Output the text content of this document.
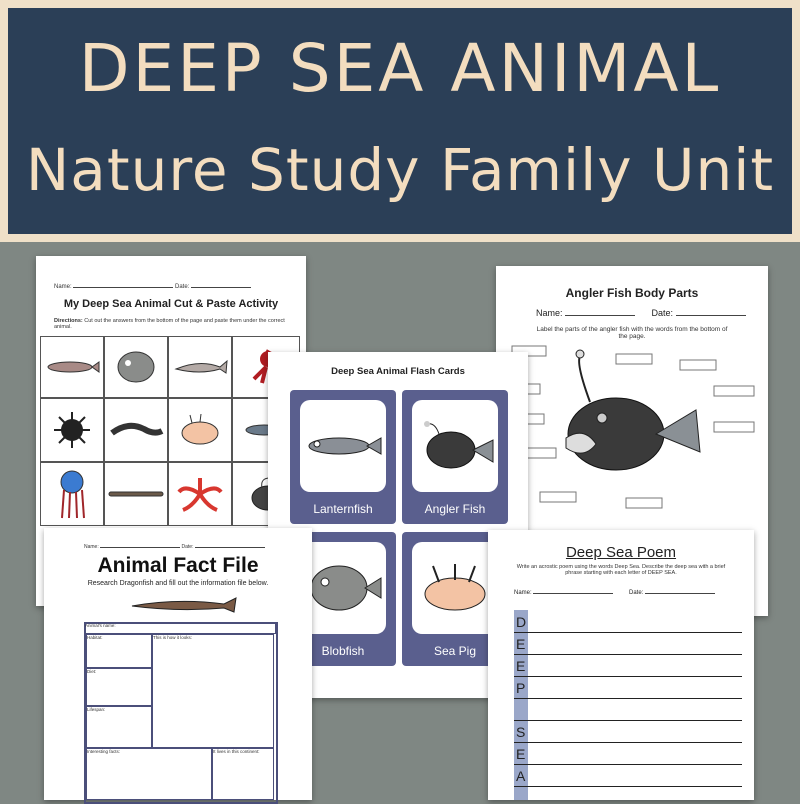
DEEP SEA ANIMAL
Nature Study Family Unit
Name:	Date:
My Deep Sea Animal Cut & Paste Activity
Directions: Cut out the answers from the bottom of the page and paste them under the correct animal.
Angler Fish Body Parts
Name:	Date:
Label the parts of the angler fish with the words from the bottom of the page.
Deep Sea Animal Flash Cards
Lanternfish	Angler Fish
Blobfish	Sea Pig
Name:	Date:
Animal Fact File
Research Dragonfish and fill out the information file below.
Animal's name:
Habitat:	This is how it looks:
Diet:
Lifespan:
Interesting facts:	It lives in this continent:
Deep Sea Poem
Write an acrostic poem using the words Deep Sea. Describe the deep sea with a brief phrase starting with each letter of DEEP SEA.
Name:	Date:
D
E
E
P
S
E
A
